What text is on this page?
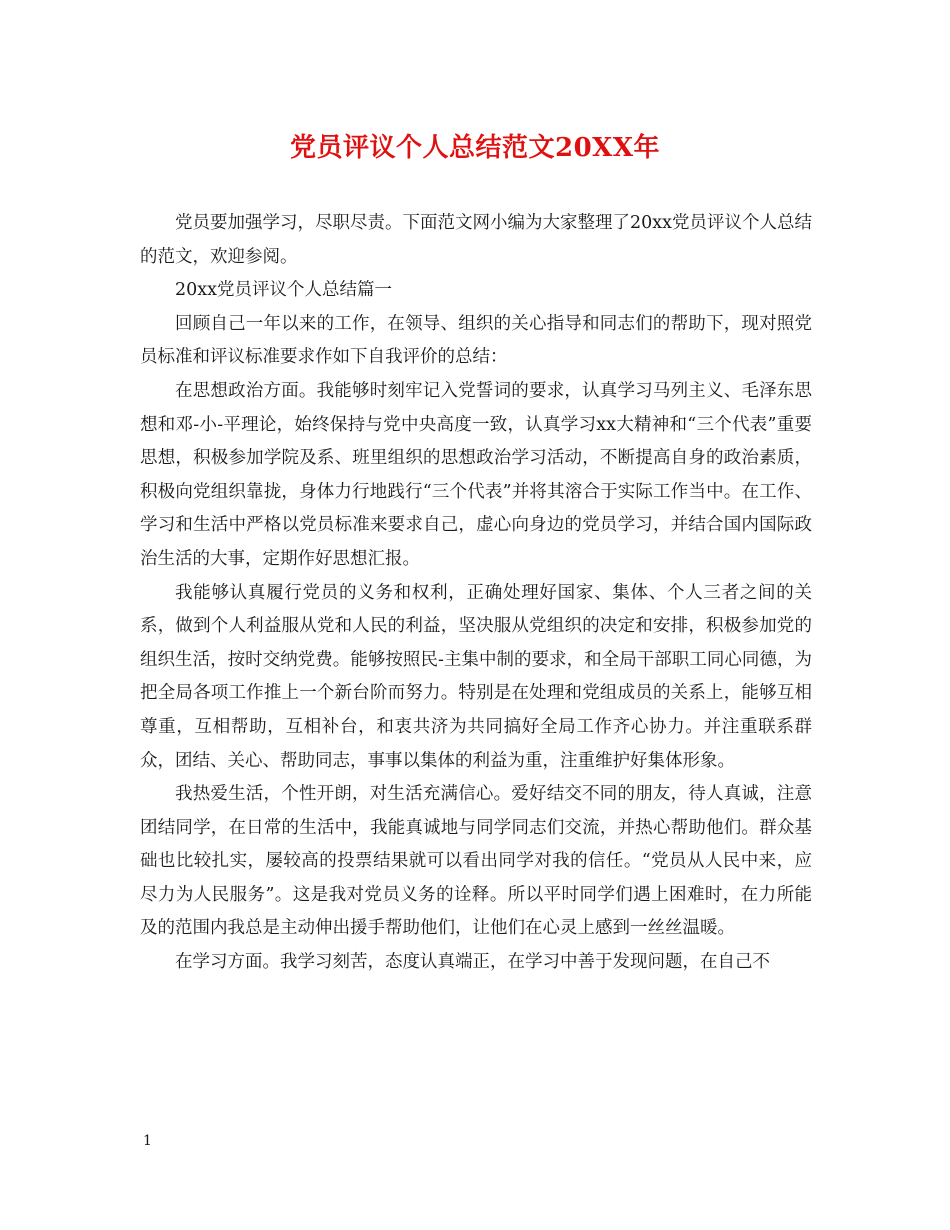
党员评议个人总结范文20XX年

党员要加强学习，尽职尽责。下面范文网小编为大家整理了20xx党员评议个人总结的范文，欢迎参阅。

20xx党员评议个人总结篇一

回顾自己一年以来的工作，在领导、组织的关心指导和同志们的帮助下，现对照党员标准和评议标准要求作如下自我评价的总结：

在思想政治方面。我能够时刻牢记入党誓词的要求，认真学习马列主义、毛泽东思想和邓-小-平理论，始终保持与党中央高度一致，认真学习xx大精神和“三个代表”重要思想，积极参加学院及系、班里组织的思想政治学习活动，不断提高自身的政治素质，积极向党组织靠拢，身体力行地践行“三个代表”并将其溶合于实际工作当中。在工作、学习和生活中严格以党员标准来要求自己，虚心向身边的党员学习，并结合国内国际政治生活的大事，定期作好思想汇报。

我能够认真履行党员的义务和权利，正确处理好国家、集体、个人三者之间的关系，做到个人利益服从党和人民的利益，坚决服从党组织的决定和安排，积极参加党的组织生活，按时交纳党费。能够按照民-主集中制的要求，和全局干部职工同心同德，为把全局各项工作推上一个新台阶而努力。特别是在处理和党组成员的关系上，能够互相尊重，互相帮助，互相补台，和衷共济为共同搞好全局工作齐心协力。并注重联系群众，团结、关心、帮助同志，事事以集体的利益为重，注重维护好集体形象。

我热爱生活，个性开朗，对生活充满信心。爱好结交不同的朋友，待人真诚，注意团结同学，在日常的生活中，我能真诚地与同学同志们交流，并热心帮助他们。群众基础也比较扎实，屡较高的投票结果就可以看出同学对我的信任。“党员从人民中来，应尽力为人民服务”。这是我对党员义务的诠释。所以平时同学们遇上困难时，在力所能及的范围内我总是主动伸出援手帮助他们，让他们在心灵上感到一丝丝温暖。

在学习方面。我学习刻苦，态度认真端正，在学习中善于发现问题，在自己不

1
